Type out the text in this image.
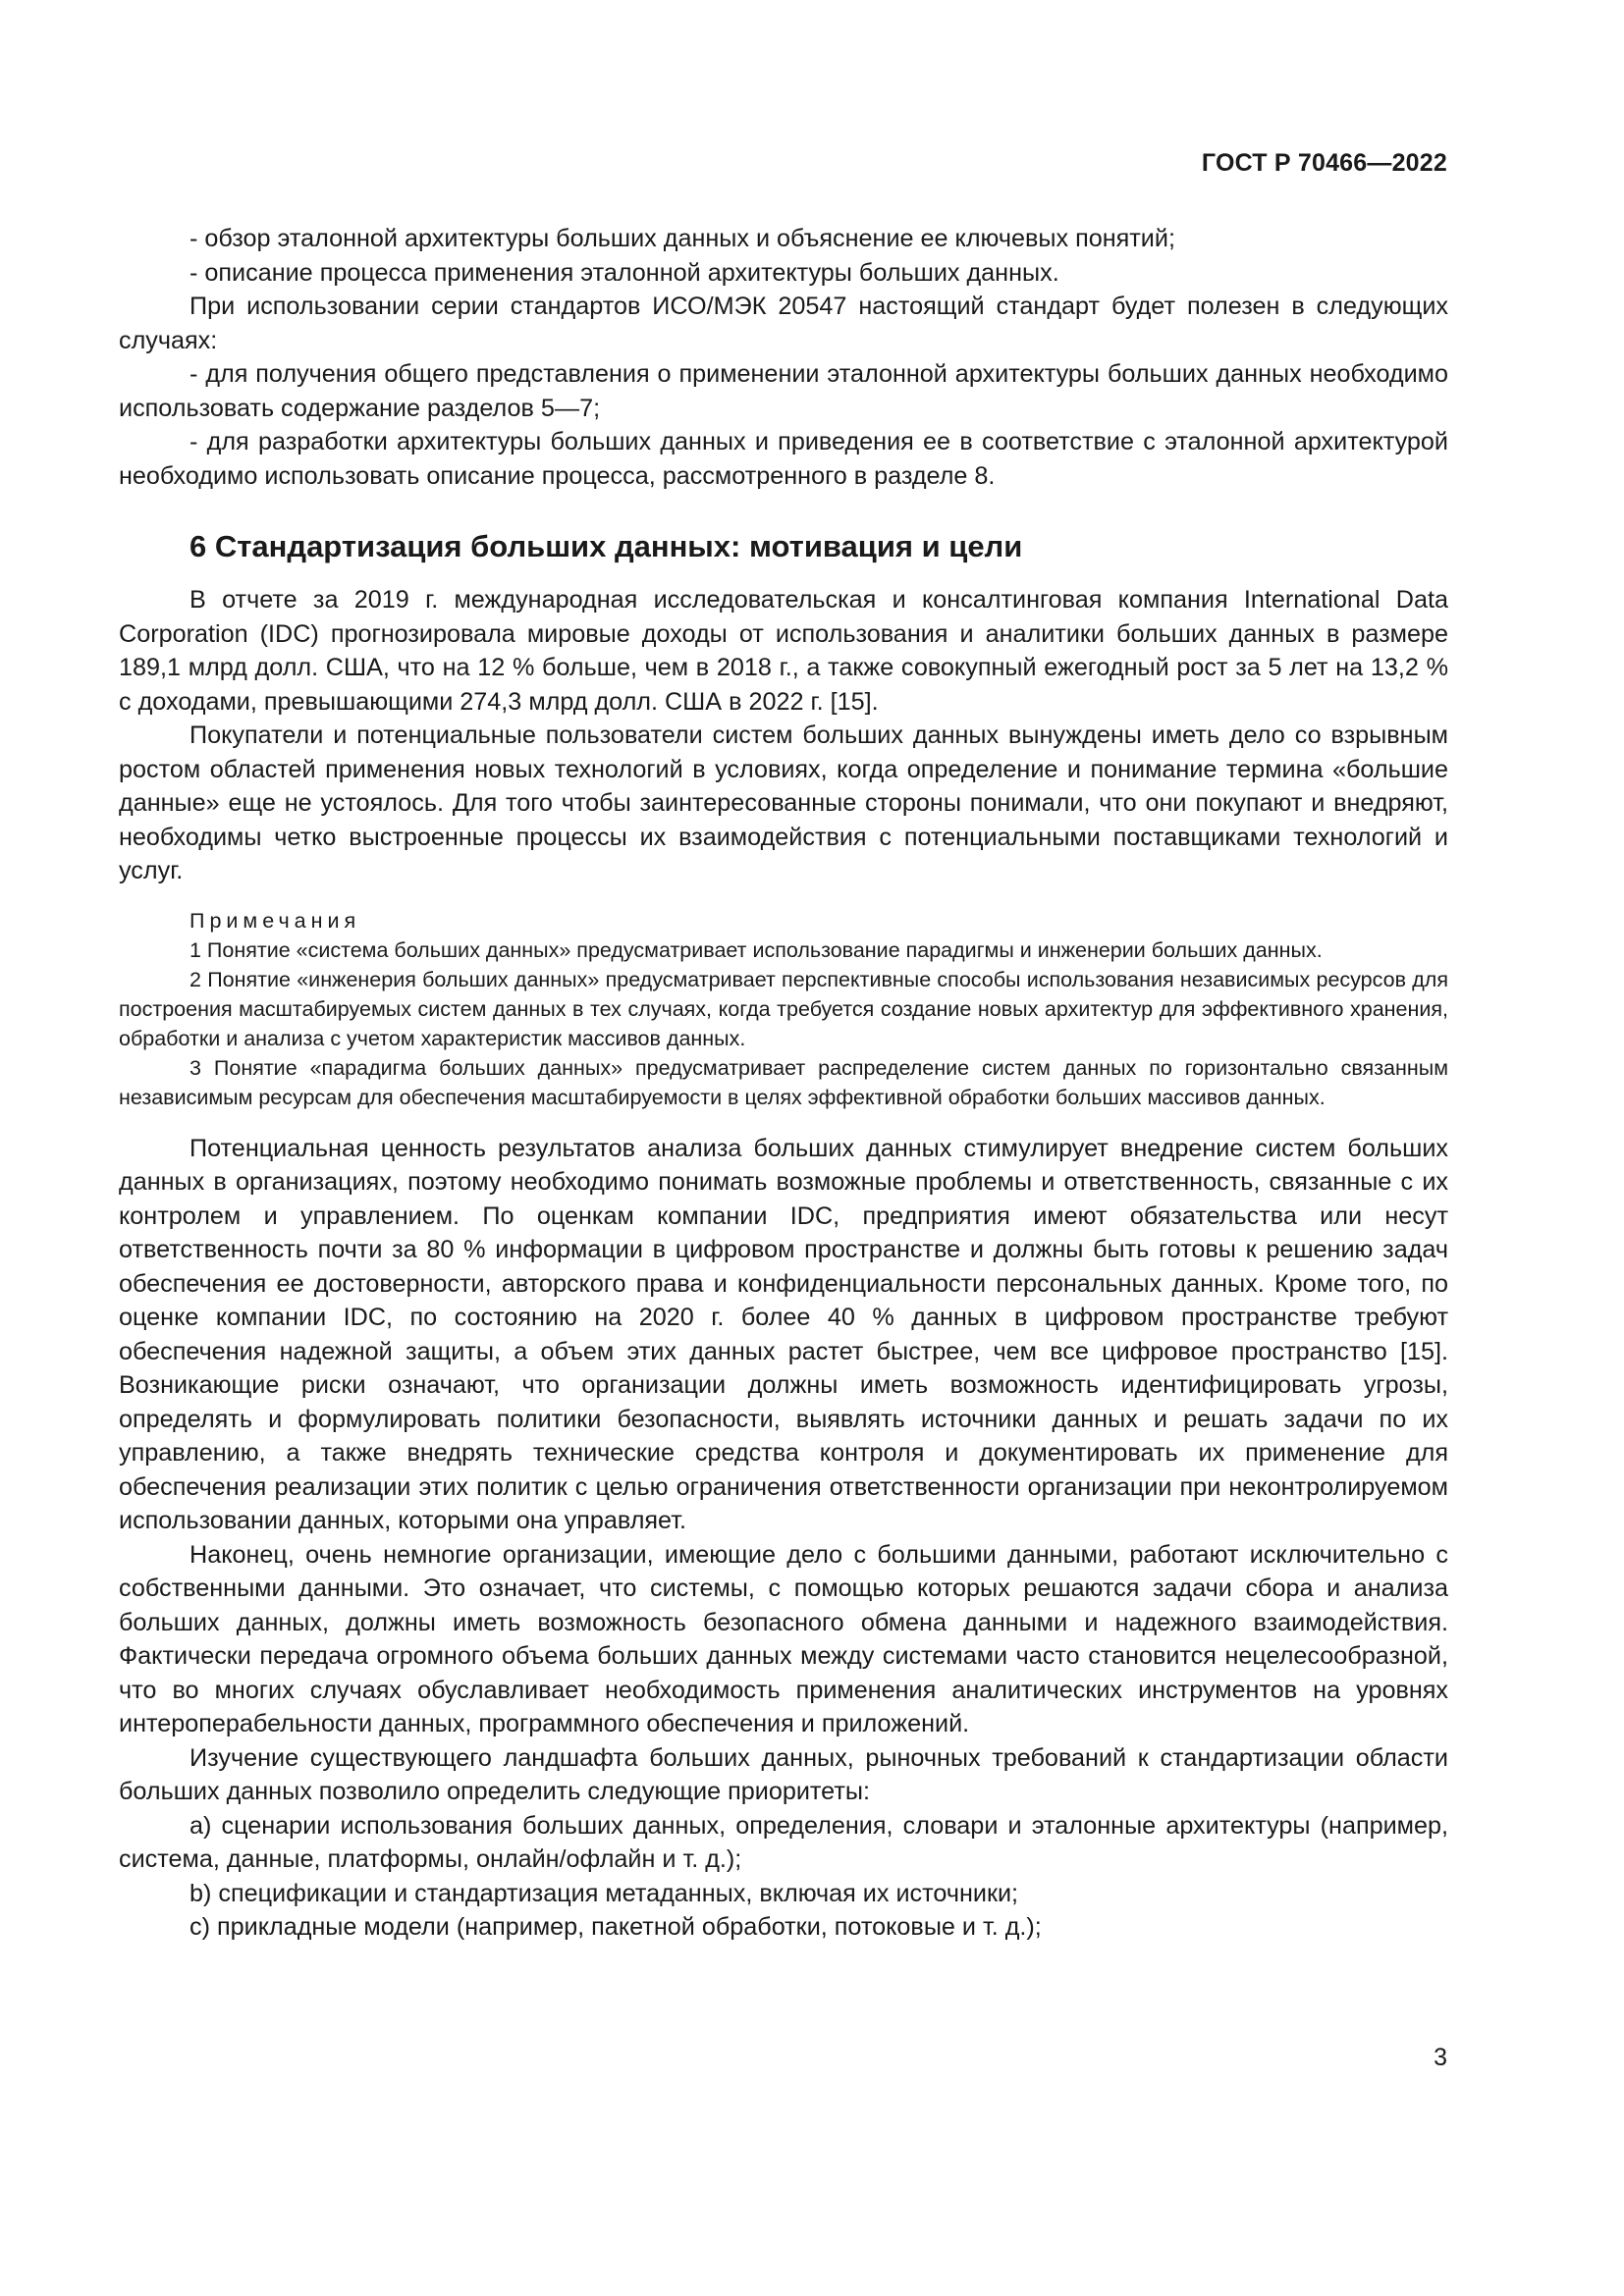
ГОСТ Р 70466—2022

- обзор эталонной архитектуры больших данных и объяснение ее ключевых понятий;

- описание процесса применения эталонной архитектуры больших данных.

При использовании серии стандартов ИСО/МЭК 20547 настоящий стандарт будет полезен в следующих случаях:

- для получения общего представления о применении эталонной архитектуры больших данных необходимо использовать содержание разделов 5—7;

- для разработки архитектуры больших данных и приведения ее в соответствие с эталонной архитектурой необходимо использовать описание процесса, рассмотренного в разделе 8.

6 Стандартизация больших данных: мотивация и цели

В отчете за 2019 г. международная исследовательская и консалтинговая компания International Data Corporation (IDC) прогнозировала мировые доходы от использования и аналитики больших данных в размере 189,1 млрд долл. США, что на 12 % больше, чем в 2018 г., а также совокупный ежегодный рост за 5 лет на 13,2 % с доходами, превышающими 274,3 млрд долл. США в 2022 г. [15].

Покупатели и потенциальные пользователи систем больших данных вынуждены иметь дело со взрывным ростом областей применения новых технологий в условиях, когда определение и понимание термина «большие данные» еще не устоялось. Для того чтобы заинтересованные стороны понимали, что они покупают и внедряют, необходимы четко выстроенные процессы их взаимодействия с потенциальными поставщиками технологий и услуг.

Примечания

1 Понятие «система больших данных» предусматривает использование парадигмы и инженерии больших данных.

2 Понятие «инженерия больших данных» предусматривает перспективные способы использования независимых ресурсов для построения масштабируемых систем данных в тех случаях, когда требуется создание новых архитектур для эффективного хранения, обработки и анализа с учетом характеристик массивов данных.

3 Понятие «парадигма больших данных» предусматривает распределение систем данных по горизонтально связанным независимым ресурсам для обеспечения масштабируемости в целях эффективной обработки больших массивов данных.

Потенциальная ценность результатов анализа больших данных стимулирует внедрение систем больших данных в организациях, поэтому необходимо понимать возможные проблемы и ответственность, связанные с их контролем и управлением. По оценкам компании IDC, предприятия имеют обязательства или несут ответственность почти за 80 % информации в цифровом пространстве и должны быть готовы к решению задач обеспечения ее достоверности, авторского права и конфиденциальности персональных данных. Кроме того, по оценке компании IDC, по состоянию на 2020 г. более 40 % данных в цифровом пространстве требуют обеспечения надежной защиты, а объем этих данных растет быстрее, чем все цифровое пространство [15]. Возникающие риски означают, что организации должны иметь возможность идентифицировать угрозы, определять и формулировать политики безопасности, выявлять источники данных и решать задачи по их управлению, а также внедрять технические средства контроля и документировать их применение для обеспечения реализации этих политик с целью ограничения ответственности организации при неконтролируемом использовании данных, которыми она управляет.

Наконец, очень немногие организации, имеющие дело с большими данными, работают исключительно с собственными данными. Это означает, что системы, с помощью которых решаются задачи сбора и анализа больших данных, должны иметь возможность безопасного обмена данными и надежного взаимодействия. Фактически передача огромного объема больших данных между системами часто становится нецелесообразной, что во многих случаях обуславливает необходимость применения аналитических инструментов на уровнях интероперабельности данных, программного обеспечения и приложений.

Изучение существующего ландшафта больших данных, рыночных требований к стандартизации области больших данных позволило определить следующие приоритеты:

a) сценарии использования больших данных, определения, словари и эталонные архитектуры (например, система, данные, платформы, онлайн/офлайн и т. д.);

b) спецификации и стандартизация метаданных, включая их источники;

c) прикладные модели (например, пакетной обработки, потоковые и т. д.);

3
